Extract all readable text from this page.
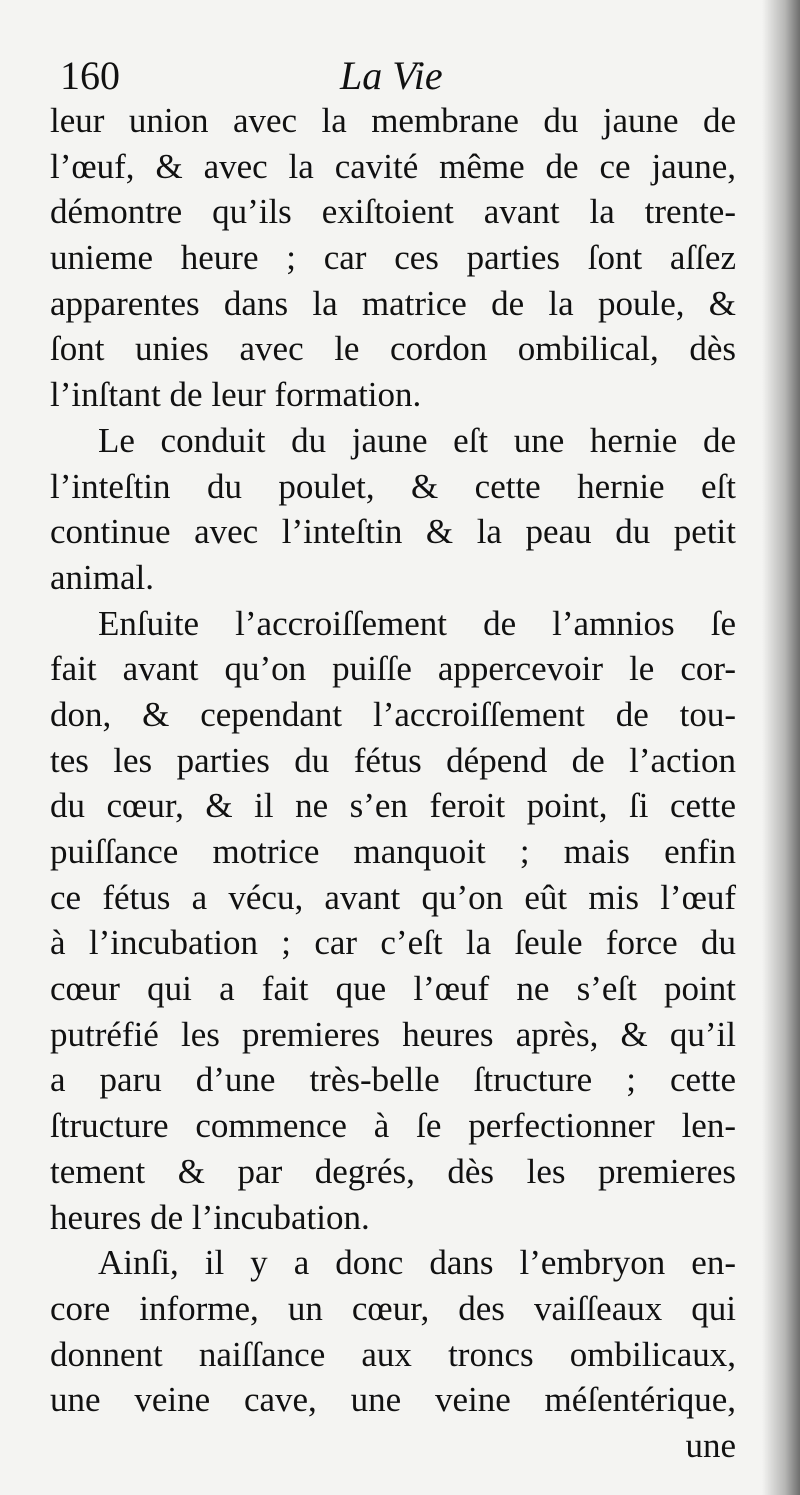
160	La Vie
leur union avec la membrane du jaune de
l’œuf, & avec la cavité même de ce jaune,
démontre qu’ils exiſtoient avant la trente-
unieme heure ; car ces parties ſont aſſez
apparentes dans la matrice de la poule, &
ſont unies avec le cordon ombilical, dès
l’inſtant de leur formation.
Le conduit du jaune eſt une hernie de
l’inteſtin du poulet, & cette hernie eſt
continue avec l’inteſtin & la peau du petit
animal.
Enſuite l’accroiſſement de l’amnios ſe
fait avant qu’on puiſſe appercevoir le cor-
don, & cependant l’accroiſſement de tou-
tes les parties du fétus dépend de l’action
du cœur, & il ne s’en feroit point, ſi cette
puiſſance motrice manquoit ; mais enfin
ce fétus a vécu, avant qu’on eût mis l’œuf
à l’incubation ; car c’eſt la ſeule force du
cœur qui a fait que l’œuf ne s’eſt point
putréfié les premieres heures après, & qu’il
a paru d’une très-belle ſtructure ; cette
ſtructure commence à ſe perfectionner len-
tement & par degrés, dès les premieres
heures de l’incubation.
Ainſi, il y a donc dans l’embryon en-
core informe, un cœur, des vaiſſeaux qui
donnent naiſſance aux troncs ombilicaux,
une veine cave, une veine méſentérique,
une
